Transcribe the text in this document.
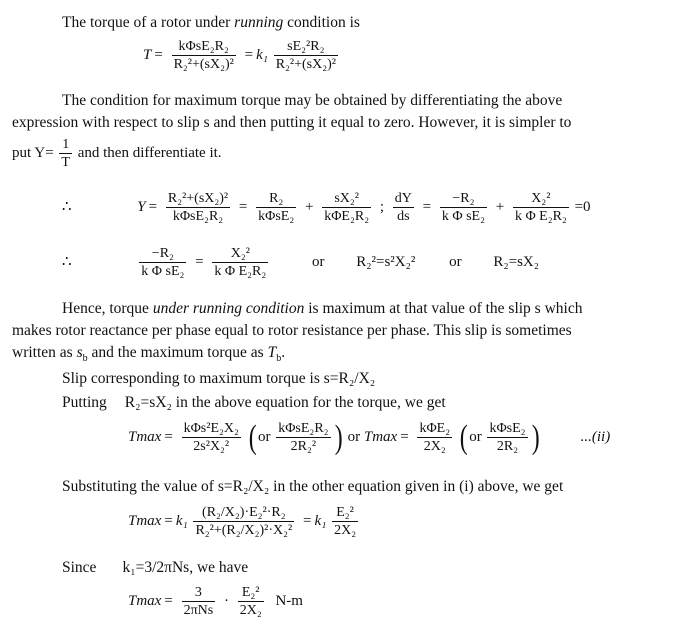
The torque of a rotor under running condition is
$T = \frac{\text{kΦsE₂R₂}}{\text{R₂²+(sX₂)²}} = k_1 \frac{\text{sE₂²R₂}}{\text{R₂²+(sX₂)²}}$
The condition for maximum torque may be obtained by differentiating the above
expression with respect to slip s and then putting it equal to zero. However, it is simpler to
put $Y= \frac{1}{T}$ and then differentiate it.
∴	$Y = \frac{\text{R₂²+(sX₂)²}}{\text{kΦsE₂R₂}} = \frac{\text{R₂}}{\text{kΦsE₂}} + \frac{\text{sX₂²}}{\text{kΦE₂R₂}}$ ; $\frac{dY}{ds} = \frac{\text{−R₂}}{\text{k Φ sE₂}} + \frac{\text{X₂²}}{\text{k Φ E₂R₂}} =0$
∴	$\frac{\text{−R₂}}{\text{k Φ sE₂}} = \frac{\text{X₂²}}{\text{k Φ E₂R₂}}$	or R₂²=s²X₂² or R₂=sX₂
Hence, torque under running condition is maximum at that value of the slip s which
makes rotor reactance per phase equal to rotor resistance per phase. This slip is sometimes
written as $s_b$ and the maximum torque as $T_b$.
Slip corresponding to maximum torque is s=R₂/X₂
Putting R₂=sX₂ in the above equation for the torque, we get
$Tmax = \frac{\text{kΦs²E₂X₂}}{\text{2s²X₂²}}$ ( or $\frac{\text{kΦsE₂R₂}}{\text{2R₂²}}$ ) or $Tmax = \frac{\text{kΦE₂}}{\text{2X₂}}$ ( or $\frac{\text{kΦsE₂}}{\text{2R₂}}$ )	...(ii)
Substituting the value of s=R₂/X₂ in the other equation given in (i) above, we get
$Tmax = k_1 \frac{\text{(R₂/X₂)·E₂²·R₂}}{\text{R₂²+(R₂/X₂)²·X₂²}} = k_1 \frac{\text{E₂²}}{\text{2X₂}}$
Since k₁=3/2πNs, we have
$Tmax = \frac{3}{\text{2πNs}} \cdot \frac{\text{E₂²}}{\text{2X₂}} N-m$
